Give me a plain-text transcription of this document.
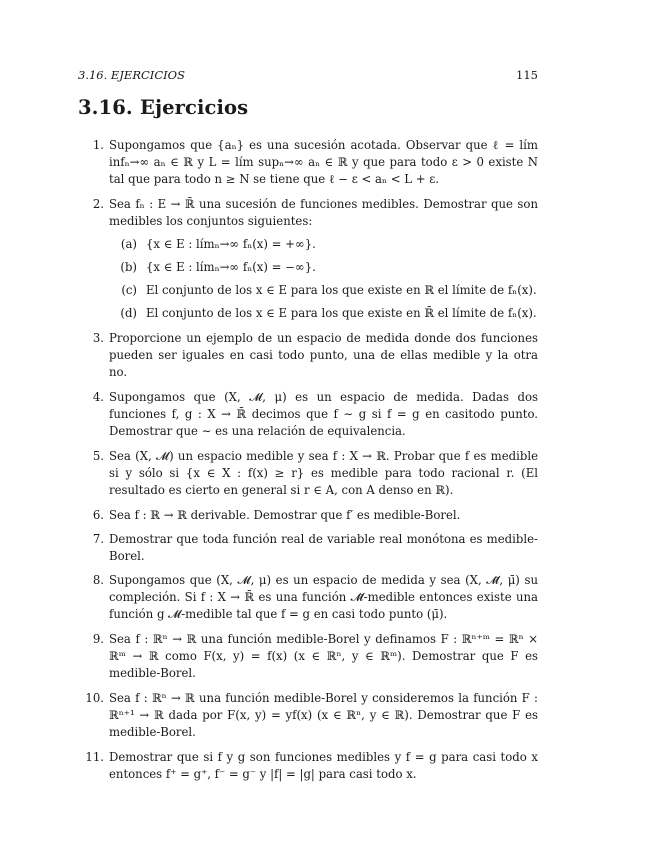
3.16. EJERCICIOS	115
3.16. Ejercicios
1. Supongamos que {aₙ} es una sucesión acotada. Observar que ℓ = lím infₙ→∞ aₙ ∈ ℝ y L = lím supₙ→∞ aₙ ∈ ℝ y que para todo ε > 0 existe N tal que para todo n ≥ N se tiene que ℓ − ε < aₙ < L + ε.
2. Sea fₙ : E → ℝ̄ una sucesión de funciones medibles. Demostrar que son medibles los conjuntos siguientes:
(a) {x ∈ E : límₙ→∞ fₙ(x) = +∞}.
(b) {x ∈ E : límₙ→∞ fₙ(x) = −∞}.
(c) El conjunto de los x ∈ E para los que existe en ℝ el límite de fₙ(x).
(d) El conjunto de los x ∈ E para los que existe en ℝ̄ el límite de fₙ(x).
3. Proporcione un ejemplo de un espacio de medida donde dos funciones pueden ser iguales en casi todo punto, una de ellas medible y la otra no.
4. Supongamos que (X, 𝓜, μ) es un espacio de medida. Dadas dos funciones f, g : X → ℝ̄ decimos que f ∼ g si f = g en casitodo punto. Demostrar que ∼ es una relación de equivalencia.
5. Sea (X, 𝓜) un espacio medible y sea f : X → ℝ. Probar que f es medible si y sólo si {x ∈ X : f(x) ≥ r} es medible para todo racional r. (El resultado es cierto en general si r ∈ A, con A denso en ℝ).
6. Sea f : ℝ → ℝ derivable. Demostrar que f′ es medible-Borel.
7. Demostrar que toda función real de variable real monótona es medible-Borel.
8. Supongamos que (X, 𝓜, μ) es un espacio de medida y sea (X, 𝓜̄, μ̄) su compleción. Si f : X → ℝ̄ es una función 𝓜̄-medible entonces existe una función g 𝓜-medible tal que f = g en casi todo punto (μ̄).
9. Sea f : ℝⁿ → ℝ una función medible-Borel y definamos F : ℝⁿ⁺ᵐ = ℝⁿ × ℝᵐ → ℝ como F(x, y) = f(x) (x ∈ ℝⁿ, y ∈ ℝᵐ). Demostrar que F es medible-Borel.
10. Sea f : ℝⁿ → ℝ una función medible-Borel y consideremos la función F : ℝⁿ⁺¹ → ℝ dada por F(x, y) = yf(x) (x ∈ ℝⁿ, y ∈ ℝ). Demostrar que F es medible-Borel.
11. Demostrar que si f y g son funciones medibles y f = g para casi todo x entonces f⁺ = g⁺, f⁻ = g⁻ y |f| = |g| para casi todo x.
